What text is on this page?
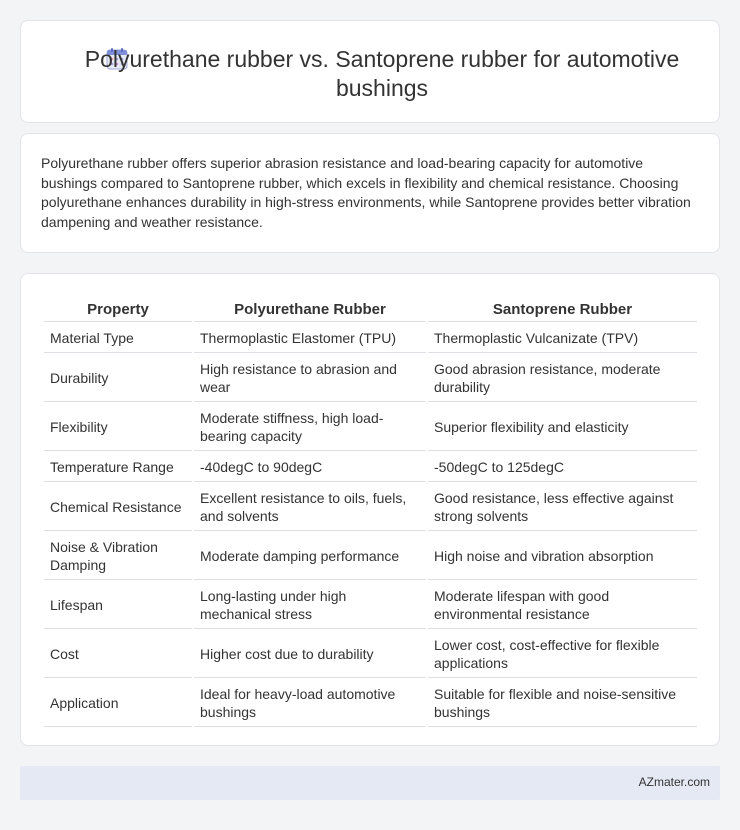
Polyurethane rubber vs. Santoprene rubber for automotive bushings

Polyurethane rubber offers superior abrasion resistance and load-bearing capacity for automotive bushings compared to Santoprene rubber, which excels in flexibility and chemical resistance. Choosing polyurethane enhances durability in high-stress environments, while Santoprene provides better vibration dampening and weather resistance.

Property	Polyurethane Rubber	Santoprene Rubber
Material Type	Thermoplastic Elastomer (TPU)	Thermoplastic Vulcanizate (TPV)
Durability	High resistance to abrasion and wear	Good abrasion resistance, moderate durability
Flexibility	Moderate stiffness, high load-bearing capacity	Superior flexibility and elasticity
Temperature Range	-40degC to 90degC	-50degC to 125degC
Chemical Resistance	Excellent resistance to oils, fuels, and solvents	Good resistance, less effective against strong solvents
Noise & Vibration Damping	Moderate damping performance	High noise and vibration absorption
Lifespan	Long-lasting under high mechanical stress	Moderate lifespan with good environmental resistance
Cost	Higher cost due to durability	Lower cost, cost-effective for flexible applications
Application	Ideal for heavy-load automotive bushings	Suitable for flexible and noise-sensitive bushings
AZmater.com
